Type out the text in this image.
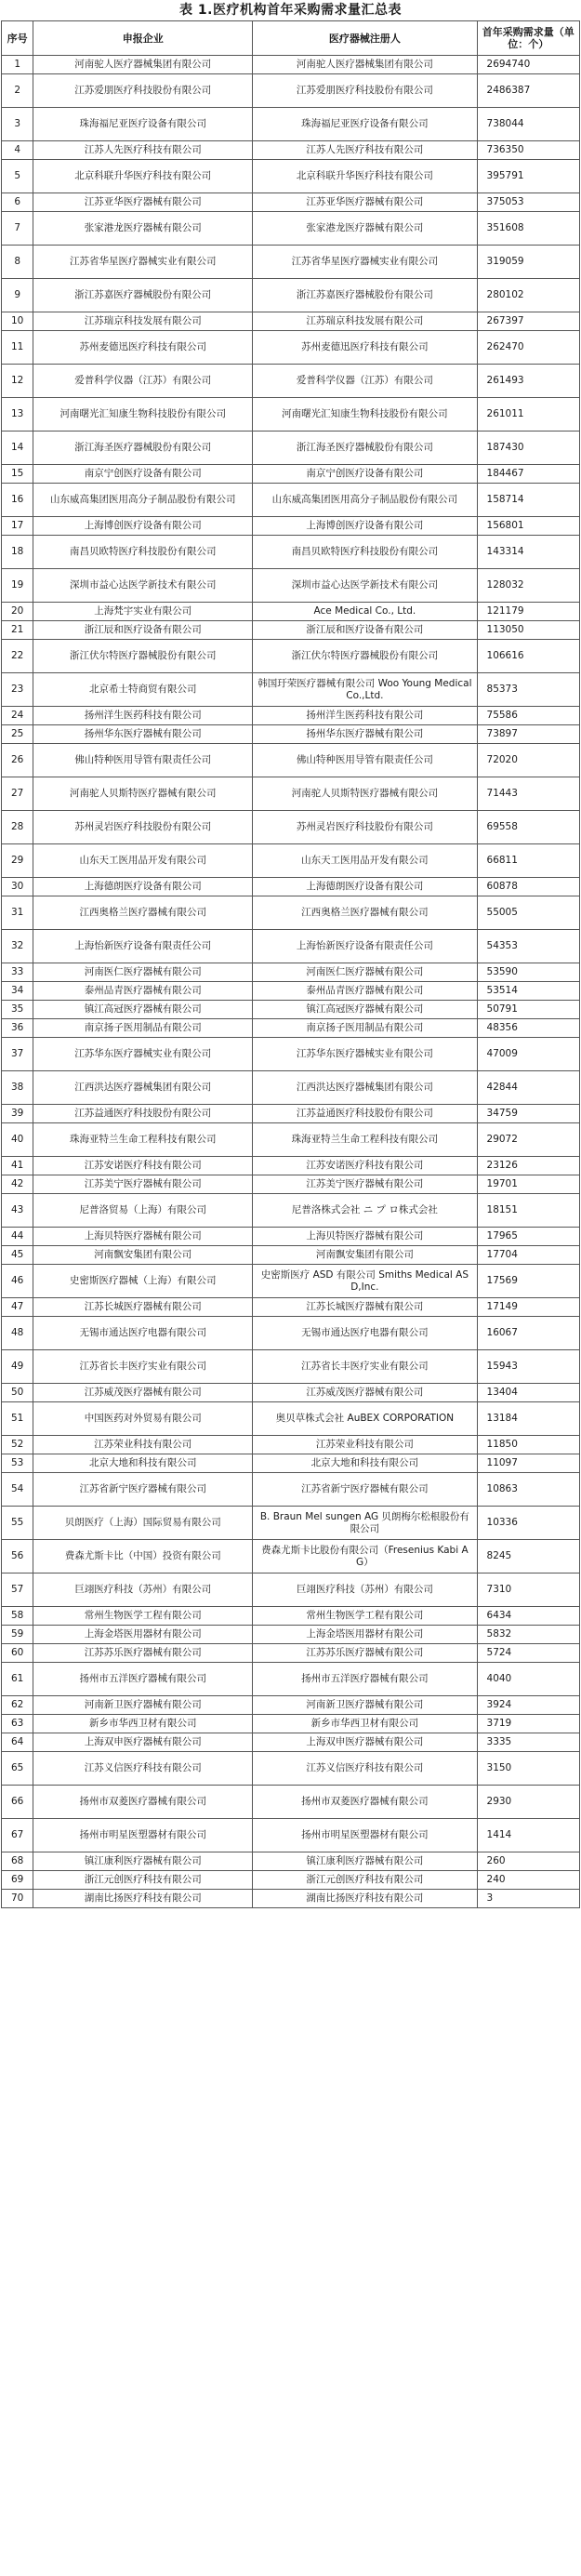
表 1.医疗机构首年采购需求量汇总表
序号	申报企业	医疗器械注册人	首年采购需求量（单位：个）
1	河南驼人医疗器械集团有限公司	河南驼人医疗器械集团有限公司	2694740
2	江苏爱朋医疗科技股份有限公司	江苏爱朋医疗科技股份有限公司	2486387
3	珠海福尼亚医疗设备有限公司	珠海福尼亚医疗设备有限公司	738044
4	江苏人先医疗科技有限公司	江苏人先医疗科技有限公司	736350
5	北京科联升华医疗科技有限公司	北京科联升华医疗科技有限公司	395791
6	江苏亚华医疗器械有限公司	江苏亚华医疗器械有限公司	375053
7	张家港龙医疗器械有限公司	张家港龙医疗器械有限公司	351608
8	江苏省华星医疗器械实业有限公司	江苏省华星医疗器械实业有限公司	319059
9	浙江苏嘉医疗器械股份有限公司	浙江苏嘉医疗器械股份有限公司	280102
10	江苏瑞京科技发展有限公司	江苏瑞京科技发展有限公司	267397
11	苏州麦德迅医疗科技有限公司	苏州麦德迅医疗科技有限公司	262470
12	爱普科学仪器（江苏）有限公司	爱普科学仪器（江苏）有限公司	261493
13	河南曙光汇知康生物科技股份有限公司	河南曙光汇知康生物科技股份有限公司	261011
14	浙江海圣医疗器械股份有限公司	浙江海圣医疗器械股份有限公司	187430
15	南京宁创医疗设备有限公司	南京宁创医疗设备有限公司	184467
16	山东威高集团医用高分子制品股份有限公司	山东威高集团医用高分子制品股份有限公司	158714
17	上海博创医疗设备有限公司	上海博创医疗设备有限公司	156801
18	南昌贝欧特医疗科技股份有限公司	南昌贝欧特医疗科技股份有限公司	143314
19	深圳市益心达医学新技术有限公司	深圳市益心达医学新技术有限公司	128032
20	上海梵宇实业有限公司	Ace Medical Co., Ltd.	121179
21	浙江辰和医疗设备有限公司	浙江辰和医疗设备有限公司	113050
22	浙江伏尔特医疗器械股份有限公司	浙江伏尔特医疗器械股份有限公司	106616
23	北京希士特商贸有限公司	韩国玗荣医疗器械有限公司 Woo Young Medical Co.,Ltd.	85373
24	扬州洋生医药科技有限公司	扬州洋生医药科技有限公司	75586
25	扬州华东医疗器械有限公司	扬州华东医疗器械有限公司	73897
26	佛山特种医用导管有限责任公司	佛山特种医用导管有限责任公司	72020
27	河南驼人贝斯特医疗器械有限公司	河南驼人贝斯特医疗器械有限公司	71443
28	苏州灵岩医疗科技股份有限公司	苏州灵岩医疗科技股份有限公司	69558
29	山东天工医用品开发有限公司	山东天工医用品开发有限公司	66811
30	上海德朗医疗设备有限公司	上海德朗医疗设备有限公司	60878
31	江西奥格兰医疗器械有限公司	江西奥格兰医疗器械有限公司	55005
32	上海怡新医疗设备有限责任公司	上海怡新医疗设备有限责任公司	54353
33	河南医仁医疗器械有限公司	河南医仁医疗器械有限公司	53590
34	泰州品青医疗器械有限公司	泰州品青医疗器械有限公司	53514
35	镇江高冠医疗器械有限公司	镇江高冠医疗器械有限公司	50791
36	南京扬子医用制品有限公司	南京扬子医用制品有限公司	48356
37	江苏华东医疗器械实业有限公司	江苏华东医疗器械实业有限公司	47009
38	江西洪达医疗器械集团有限公司	江西洪达医疗器械集团有限公司	42844
39	江苏益通医疗科技股份有限公司	江苏益通医疗科技股份有限公司	34759
40	珠海亚特兰生命工程科技有限公司	珠海亚特兰生命工程科技有限公司	29072
41	江苏安诺医疗科技有限公司	江苏安诺医疗科技有限公司	23126
42	江苏美宁医疗器械有限公司	江苏美宁医疗器械有限公司	19701
43	尼普洛贸易（上海）有限公司	尼普洛株式会社 ニ プ ロ株式会社	18151
44	上海贝特医疗器械有限公司	上海贝特医疗器械有限公司	17965
45	河南飘安集团有限公司	河南飘安集团有限公司	17704
46	史密斯医疗器械（上海）有限公司	史密斯医疗 ASD 有限公司 Smiths Medical ASD,Inc.	17569
47	江苏长城医疗器械有限公司	江苏长城医疗器械有限公司	17149
48	无锡市通达医疗电器有限公司	无锡市通达医疗电器有限公司	16067
49	江苏省长丰医疗实业有限公司	江苏省长丰医疗实业有限公司	15943
50	江苏威茂医疗器械有限公司	江苏威茂医疗器械有限公司	13404
51	中国医药对外贸易有限公司	奥贝草株式会社 AuBEX CORPORATION	13184
52	江苏荣业科技有限公司	江苏荣业科技有限公司	11850
53	北京大地和科技有限公司	北京大地和科技有限公司	11097
54	江苏省新宁医疗器械有限公司	江苏省新宁医疗器械有限公司	10863
55	贝朗医疗（上海）国际贸易有限公司	B. Braun Mel sungen AG 贝朗梅尔松根股份有限公司	10336
56	费森尤斯卡比（中国）投资有限公司	费森尤斯卡比股份有限公司（Fresenius Kabi AG）	8245
57	巨翊医疗科技（苏州）有限公司	巨翊医疗科技（苏州）有限公司	7310
58	常州生物医学工程有限公司	常州生物医学工程有限公司	6434
59	上海金塔医用器材有限公司	上海金塔医用器材有限公司	5832
60	江苏苏乐医疗器械有限公司	江苏苏乐医疗器械有限公司	5724
61	扬州市五洋医疗器械有限公司	扬州市五洋医疗器械有限公司	4040
62	河南新卫医疗器械有限公司	河南新卫医疗器械有限公司	3924
63	新乡市华西卫材有限公司	新乡市华西卫材有限公司	3719
64	上海双申医疗器械有限公司	上海双申医疗器械有限公司	3335
65	江苏义信医疗科技有限公司	江苏义信医疗科技有限公司	3150
66	扬州市双菱医疗器械有限公司	扬州市双菱医疗器械有限公司	2930
67	扬州市明星医塑器材有限公司	扬州市明星医塑器材有限公司	1414
68	镇江康利医疗器械有限公司	镇江康利医疗器械有限公司	260
69	浙江元创医疗科技有限公司	浙江元创医疗科技有限公司	240
70	湖南比扬医疗科技有限公司	湖南比扬医疗科技有限公司	3
